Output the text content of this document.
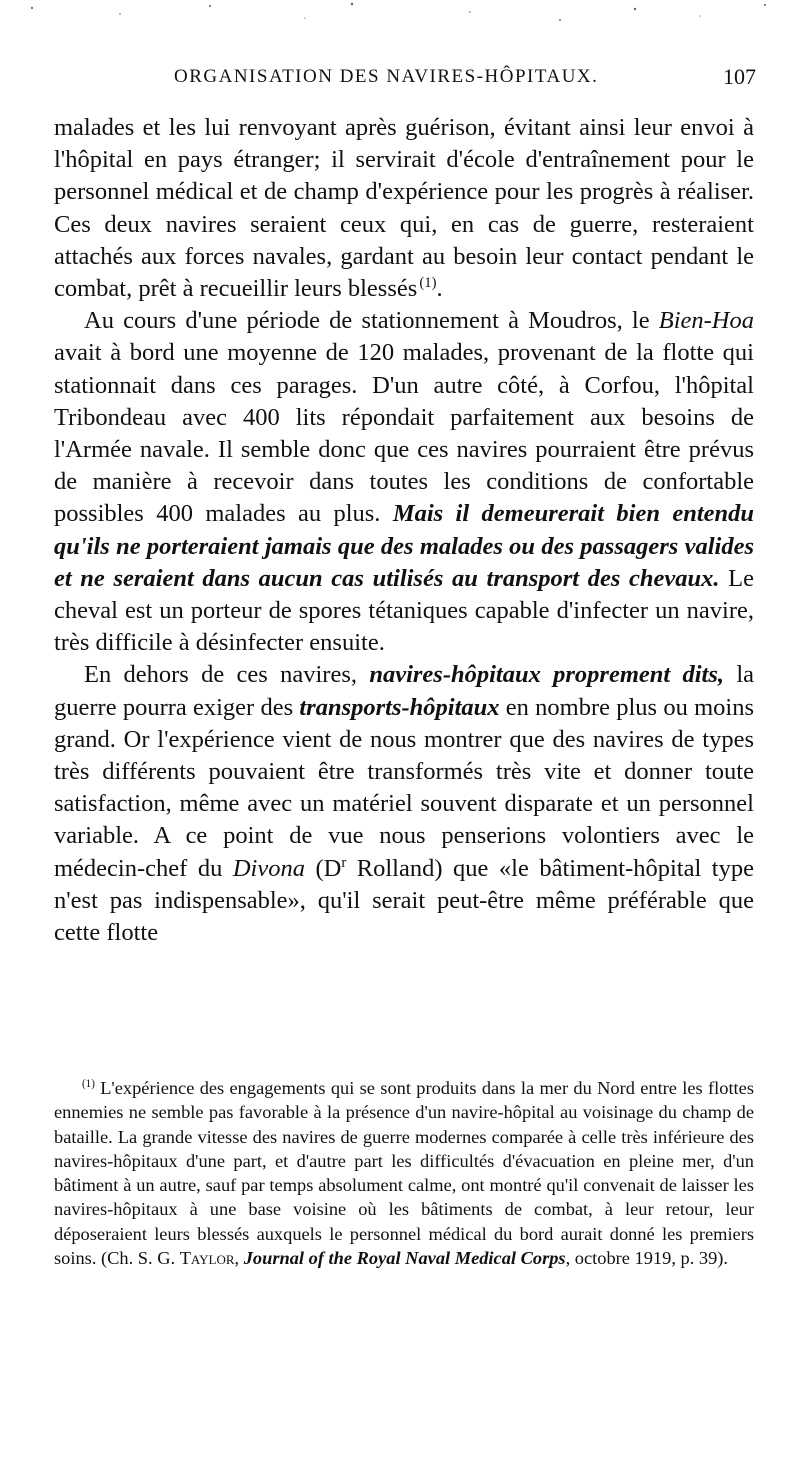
ORGANISATION DES NAVIRES-HÔPITAUX.	107

malades et les lui renvoyant après guérison, évitant ainsi leur envoi à l'hôpital en pays étranger; il servirait d'école d'entraînement pour le personnel médical et de champ d'expérience pour les progrès à réaliser. Ces deux navires seraient ceux qui, en cas de guerre, resteraient attachés aux forces navales, gardant au besoin leur contact pendant le combat, prêt à recueillir leurs blessés  $^{(1)}$.

Au cours d'une période de stationnement à Moudros, le Bien-Hoa avait à bord une moyenne de 120 malades, provenant de la flotte qui stationnait dans ces parages. D'un autre côté, à Corfou, l'hôpital Tribondeau avec 400 lits répondait parfaitement aux besoins de l'Armée navale. Il semble donc que ces navires pourraient être prévus de manière à recevoir dans toutes les conditions de confortable possibles 400 malades au plus. Mais il demeurerait bien entendu qu'ils ne porteraient jamais que des malades ou des passagers valides et ne seraient dans aucun cas utilisés au transport des chevaux. Le cheval est un porteur de spores tétaniques capable d'infecter un navire, très difficile à désinfecter ensuite.

En dehors de ces navires, navires-hôpitaux proprement dits, la guerre pourra exiger des transports-hôpitaux en nombre plus ou moins grand. Or l'expérience vient de nous montrer que des navires de types très différents pouvaient être transformés très vite et donner toute satisfaction, même avec un matériel souvent disparate et un personnel variable. A ce point de vue nous penserions volontiers avec le médecin-chef du Divona ($D^r$ Rolland) que «le bâtiment-hôpital type n'est pas indispensable», qu'il serait peut-être même préférable que cette flotte

$^{(1)}$ L'expérience des engagements qui se sont produits dans la mer du Nord entre les flottes ennemies ne semble pas favorable à la présence d'un navire-hôpital au voisinage du champ de bataille. La grande vitesse des navires de guerre modernes comparée à celle très inférieure des navires-hôpitaux d'une part, et d'autre part les difficultés d'évacuation en pleine mer, d'un bâtiment à un autre, sauf par temps absolument calme, ont montré qu'il convenait de laisser les navires-hôpitaux à une base voisine où les bâtiments de combat, à leur retour, leur déposeraient leurs blessés auxquels le personnel médical du bord aurait donné les premiers soins. (Ch. S. G. Taylor, Journal of the Royal Naval Medical Corps, octobre 1919, p. 39).
